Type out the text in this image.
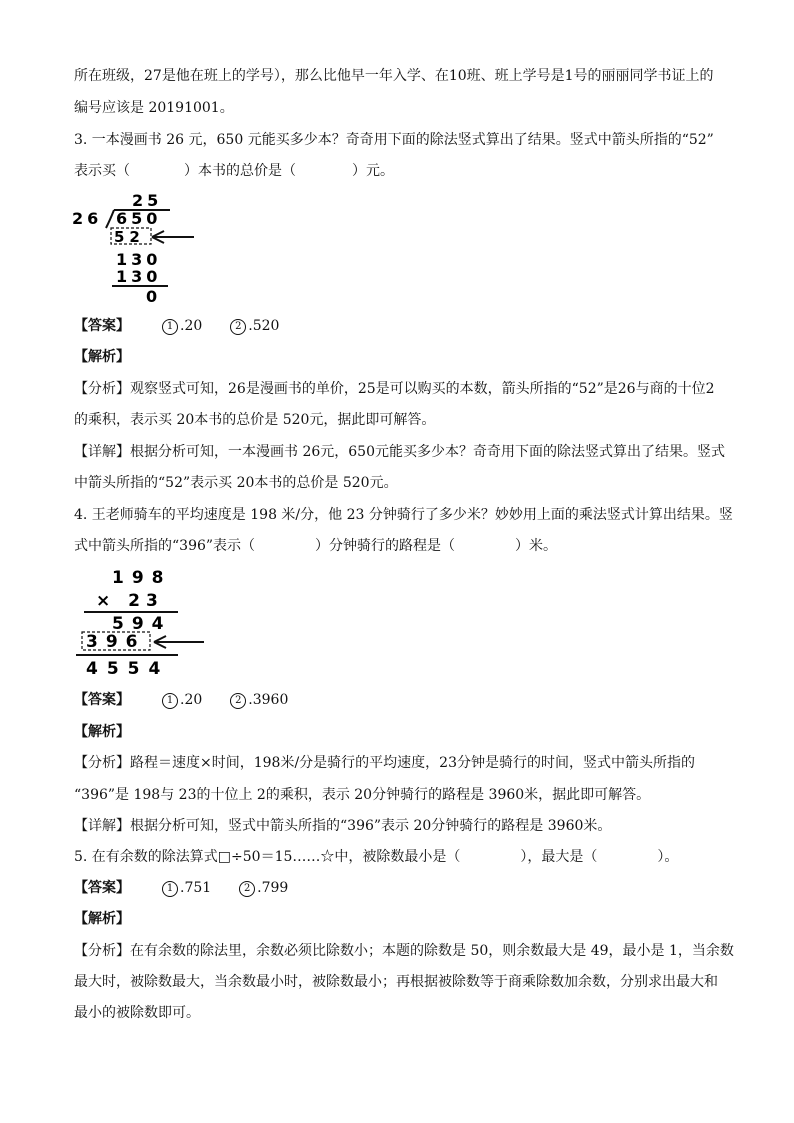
所在班级，27是他在班上的学号），那么比他早一年入学、在10班、班上学号是1号的丽丽同学书证上的
编号应该是 20191001。
3. 一本漫画书 26 元，650 元能买多少本？奇奇用下面的除法竖式算出了结果。竖式中箭头所指的“52”
表示买（	）本书的总价是（	）元。
25
26 650
52
130
130
0
【答案】	1 .20	2 .520
【解析】
【分析】观察竖式可知，26是漫画书的单价，25是可以购买的本数，箭头所指的“52”是26与商的十位2
的乘积，表示买 20本书的总价是 520元，据此即可解答。
【详解】根据分析可知，一本漫画书 26元，650元能买多少本？奇奇用下面的除法竖式算出了结果。竖式
中箭头所指的“52”表示买 20本书的总价是 520元。
4. 王老师骑车的平均速度是 198 米/分，他 23 分钟骑行了多少米？妙妙用上面的乘法竖式计算出结果。竖
式中箭头所指的“396”表示（	）分钟骑行的路程是（	）米。
198
× 23
594
396
4554
【答案】	1 .20	2 .3960
【解析】
【分析】路程＝速度×时间，198米/分是骑行的平均速度，23分钟是骑行的时间，竖式中箭头所指的
“396”是 198与 23的十位上 2的乘积，表示 20分钟骑行的路程是 3960米，据此即可解答。
【详解】根据分析可知，竖式中箭头所指的“396”表示 20分钟骑行的路程是 3960米。
5. 在有余数的除法算式□÷50＝15……☆中，被除数最小是（	），最大是（	）。
【答案】	1 .751	2 .799
【解析】
【分析】在有余数的除法里，余数必须比除数小；本题的除数是 50，则余数最大是 49，最小是 1，当余数
最大时，被除数最大，当余数最小时，被除数最小；再根据被除数等于商乘除数加余数，分别求出最大和
最小的被除数即可。
